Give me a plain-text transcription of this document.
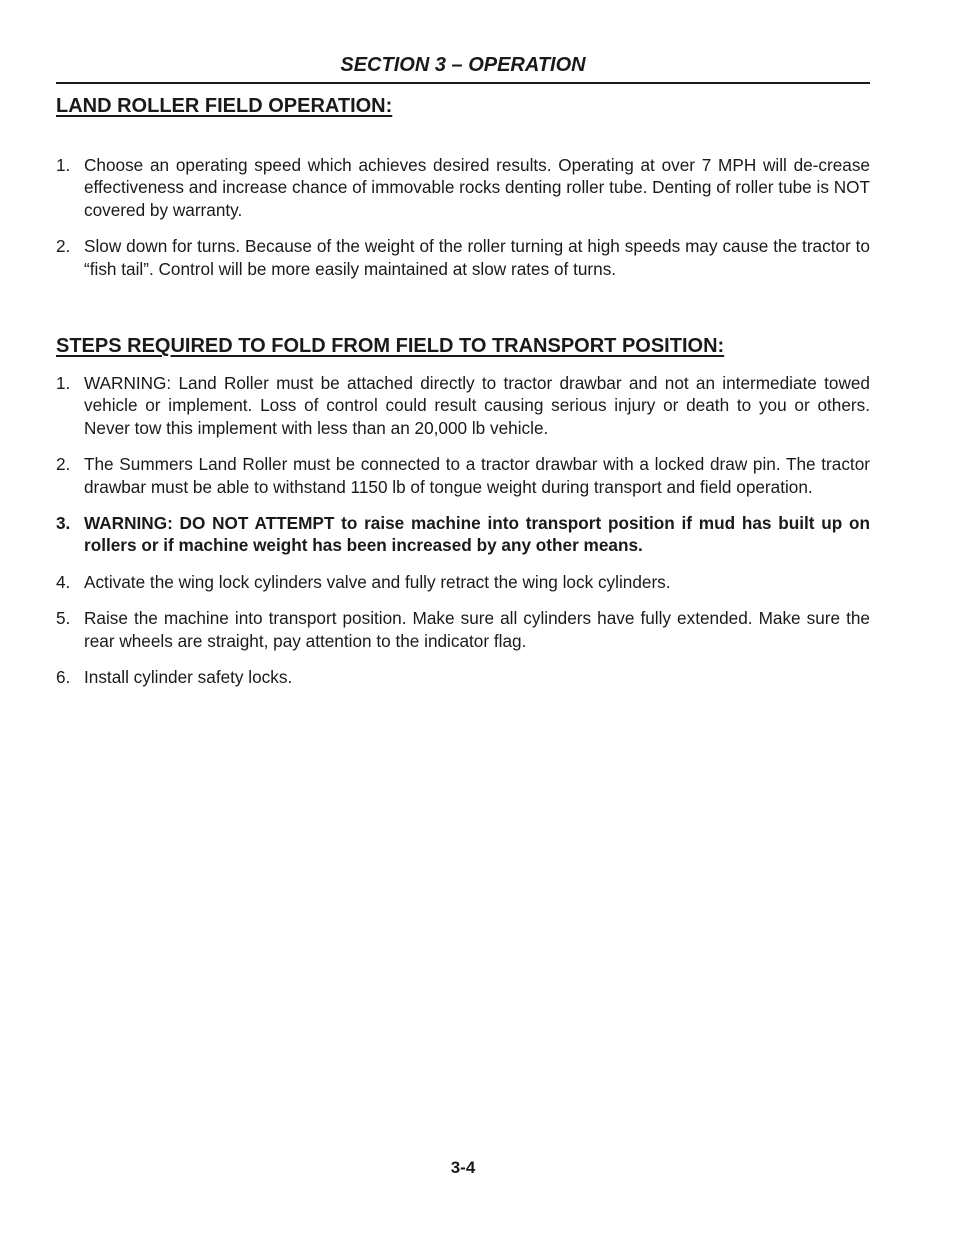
SECTION 3 – OPERATION
LAND ROLLER FIELD OPERATION:
1. Choose an operating speed which achieves desired results. Operating at over 7 MPH will de-crease effectiveness and increase chance of immovable rocks denting roller tube. Denting of roller tube is NOT covered by warranty.
2. Slow down for turns. Because of the weight of the roller turning at high speeds may cause the tractor to “fish tail”. Control will be more easily maintained at slow rates of turns.
STEPS REQUIRED TO FOLD FROM FIELD TO TRANSPORT POSITION:
1. WARNING: Land Roller must be attached directly to tractor drawbar and not an intermediate towed vehicle or implement. Loss of control could result causing serious injury or death to you or others. Never tow this implement with less than an 20,000 lb vehicle.
2. The Summers Land Roller must be connected to a tractor drawbar with a locked draw pin. The tractor drawbar must be able to withstand 1150 lb of tongue weight during transport and field operation.
3. WARNING: DO NOT ATTEMPT to raise machine into transport position if mud has built up on rollers or if machine weight has been increased by any other means.
4. Activate the wing lock cylinders valve and fully retract the wing lock cylinders.
5. Raise the machine into transport position. Make sure all cylinders have fully extended. Make sure the rear wheels are straight, pay attention to the indicator flag.
6. Install cylinder safety locks.
3-4
